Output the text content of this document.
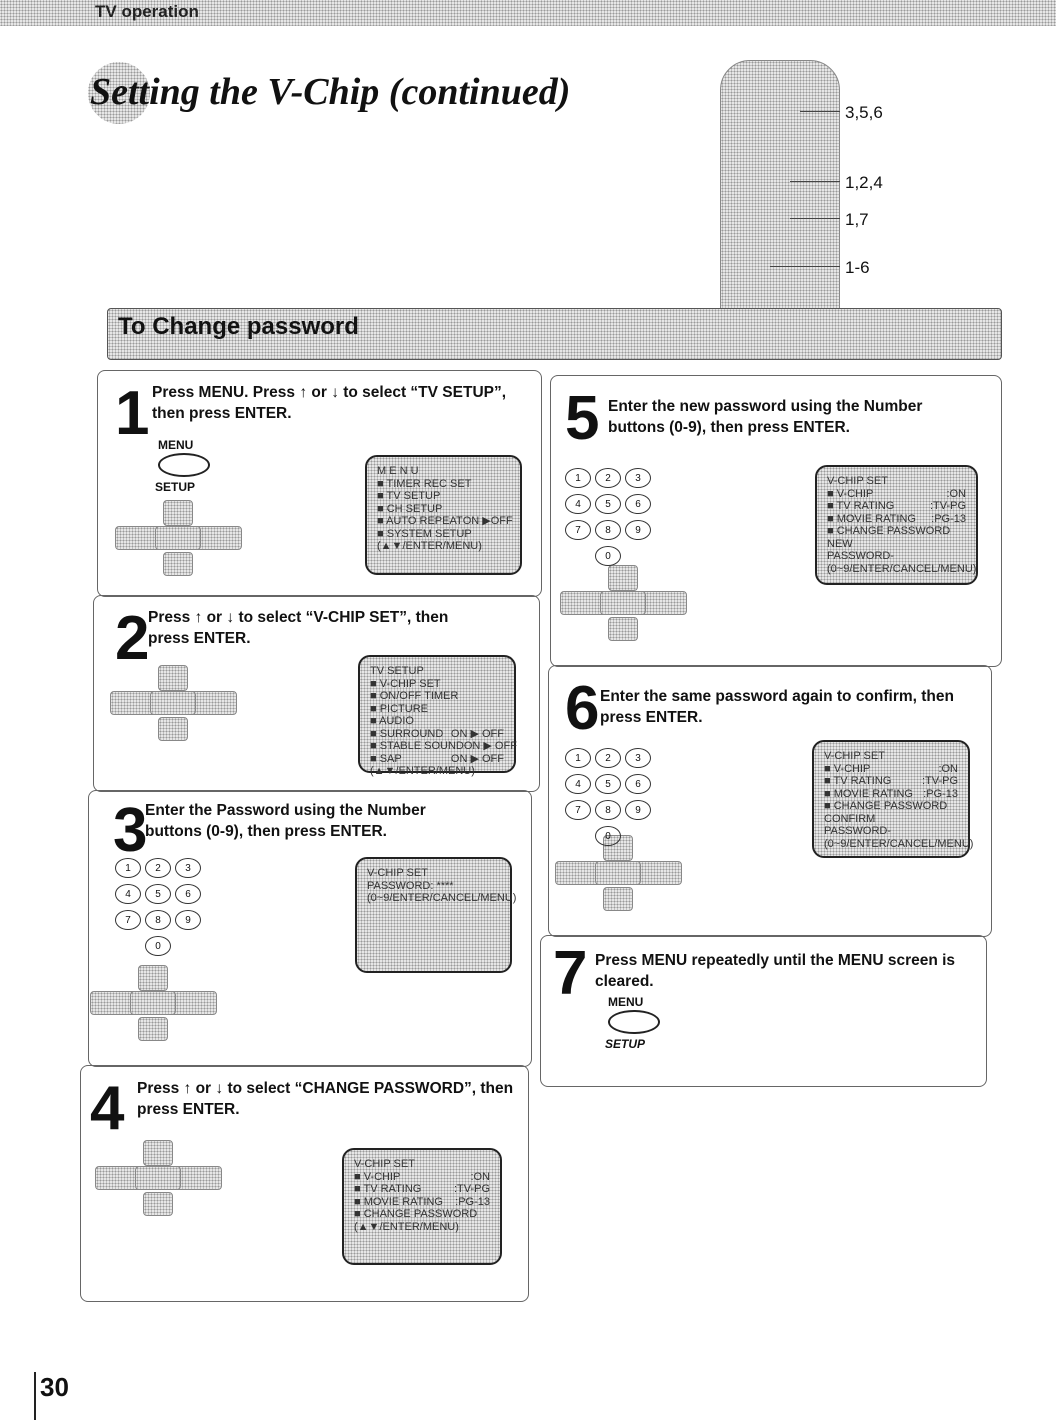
TV operation
Setting the V-Chip (continued)	3,5,6
1,2,4
1,7
1-6
To Change password
1 Press MENU. Press ↑ or ↓ to select “TV SETUP”, then press ENTER.
M E N U
■ TIMER REC SET
■ TV SETUP
■ CH SETUP
■ AUTO REPEAT ON ▶OFF
■ SYSTEM SETUP
(▲▼/ENTER/MENU)
MENU
SETUP
2
Press ↑ or ↓ to select “V-CHIP SET”, then press ENTER.
TV SETUP
■ V-CHIP SET
■ ON/OFF TIMER
■ PICTURE
■ AUDIO
■ SURROUND ON ▶ OFF
■ STABLE SOUND ON ▶ OFF
■ SAP	ON ▶ OFF
(▲▼/ENTER/MENU)
3
Enter the Password using the Number buttons (0-9), then press ENTER.
V-CHIP SET
PASSWORD: ****
(0~9/ENTER/CANCEL/MENU)
1	2	3
4	5	6
7	8	9
0
4 Press ↑ or ↓ to select “CHANGE PASSWORD”, then press ENTER.
V-CHIP SET
■ V-CHIP	:ON
■ TV RATING	:TV-PG
■ MOVIE RATING :PG-13
■ CHANGE PASSWORD
(▲▼/ENTER/MENU)
5 Enter the new password using the Number buttons (0-9), then press ENTER.
V-CHIP SET
■ V-CHIP	:ON
■ TV RATING	:TV-PG
■ MOVIE RATING :PG-13
■ CHANGE PASSWORD
NEW
PASSWORD-
(0~9/ENTER/CANCEL/MENU)
1	2	3
4	5	6
7	8	9
0
6 Enter the same password again to confirm, then press ENTER.
V-CHIP SET
■ V-CHIP	:ON
■ TV RATING	:TV-PG
■ MOVIE RATING :PG-13
■ CHANGE PASSWORD
CONFIRM
PASSWORD-
(0~9/ENTER/CANCEL/MENU)
1	2	3
4	5	6
7	8	9
0
7 Press MENU repeatedly until the MENU screen is cleared.
MENU
SETUP
30
